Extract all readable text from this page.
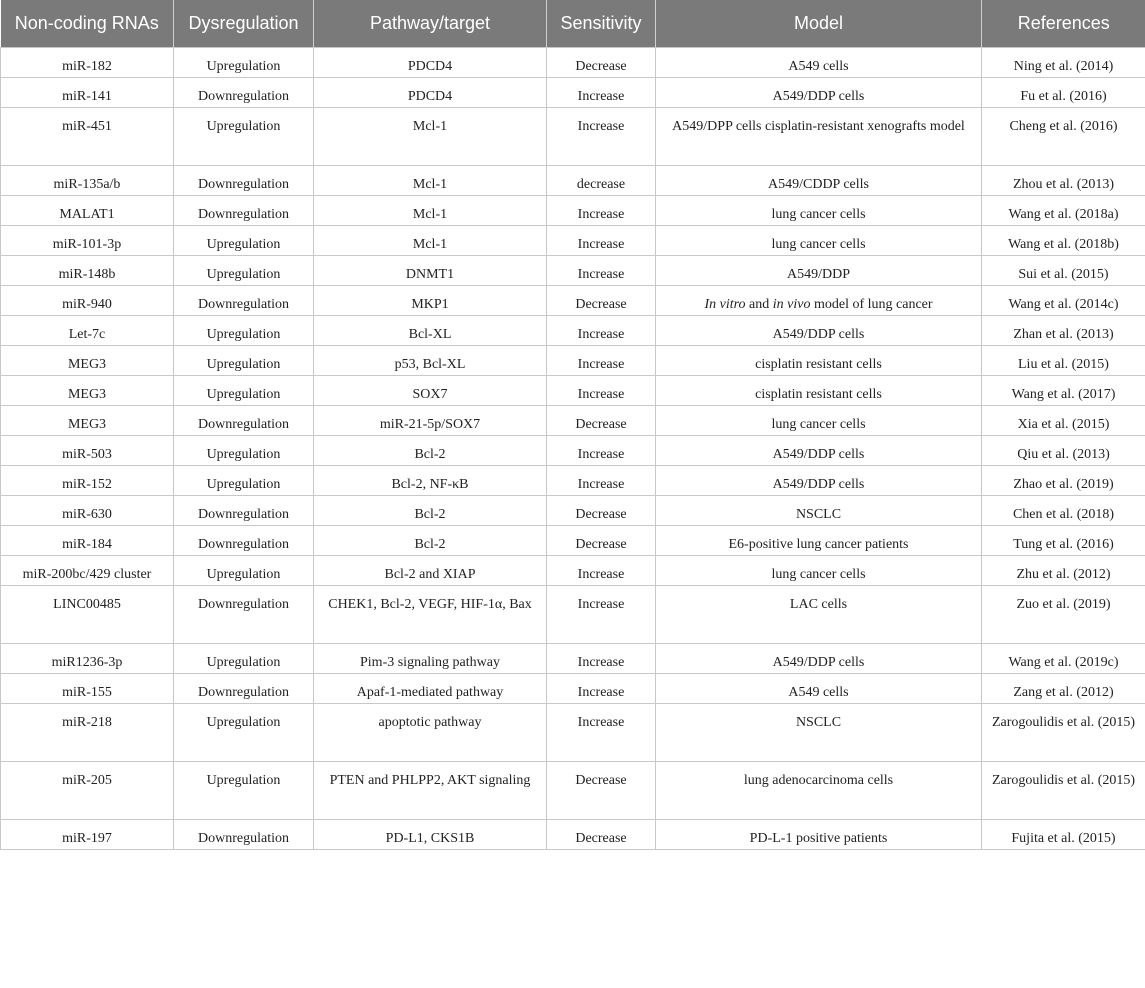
Non-coding RNAs	Dysregulation	Pathway/target	Sensitivity	Model	References
miR-182	Upregulation	PDCD4	Decrease	A549 cells	Ning et al. (2014)
miR-141	Downregulation	PDCD4	Increase	A549/DDP cells	Fu et al. (2016)
miR-451	Upregulation	Mcl-1	Increase	A549/DPP cells cisplatin-resistant xenografts model	Cheng et al. (2016)
miR-135a/b	Downregulation	Mcl-1	decrease	A549/CDDP cells	Zhou et al. (2013)
MALAT1	Downregulation	Mcl-1	Increase	lung cancer cells	Wang et al. (2018a)
miR-101-3p	Upregulation	Mcl-1	Increase	lung cancer cells	Wang et al. (2018b)
miR-148b	Upregulation	DNMT1	Increase	A549/DDP	Sui et al. (2015)
miR-940	Downregulation	MKP1	Decrease	In vitro and in vivo model of lung cancer	Wang et al. (2014c)
Let-7c	Upregulation	Bcl-XL	Increase	A549/DDP cells	Zhan et al. (2013)
MEG3	Upregulation	p53, Bcl-XL	Increase	cisplatin resistant cells	Liu et al. (2015)
MEG3	Upregulation	SOX7	Increase	cisplatin resistant cells	Wang et al. (2017)
MEG3	Downregulation	miR-21-5p/SOX7	Decrease	lung cancer cells	Xia et al. (2015)
miR-503	Upregulation	Bcl-2	Increase	A549/DDP cells	Qiu et al. (2013)
miR-152	Upregulation	Bcl-2, NF-κB	Increase	A549/DDP cells	Zhao et al. (2019)
miR-630	Downregulation	Bcl-2	Decrease	NSCLC	Chen et al. (2018)
miR-184	Downregulation	Bcl-2	Decrease	E6-positive lung cancer patients	Tung et al. (2016)
miR-200bc/429 cluster	Upregulation	Bcl-2 and XIAP	Increase	lung cancer cells	Zhu et al. (2012)
LINC00485	Downregulation	CHEK1, Bcl-2, VEGF, HIF-1α, Bax	Increase	LAC cells	Zuo et al. (2019)
miR1236-3p	Upregulation	Pim-3 signaling pathway	Increase	A549/DDP cells	Wang et al. (2019c)
miR-155	Downregulation	Apaf-1-mediated pathway	Increase	A549 cells	Zang et al. (2012)
miR-218	Upregulation	apoptotic pathway	Increase	NSCLC	Zarogoulidis et al. (2015)
miR-205	Upregulation	PTEN and PHLPP2, AKT signaling	Decrease	lung adenocarcinoma cells	Zarogoulidis et al. (2015)
miR-197	Downregulation	PD-L1, CKS1B	Decrease	PD-L-1 positive patients	Fujita et al. (2015)
